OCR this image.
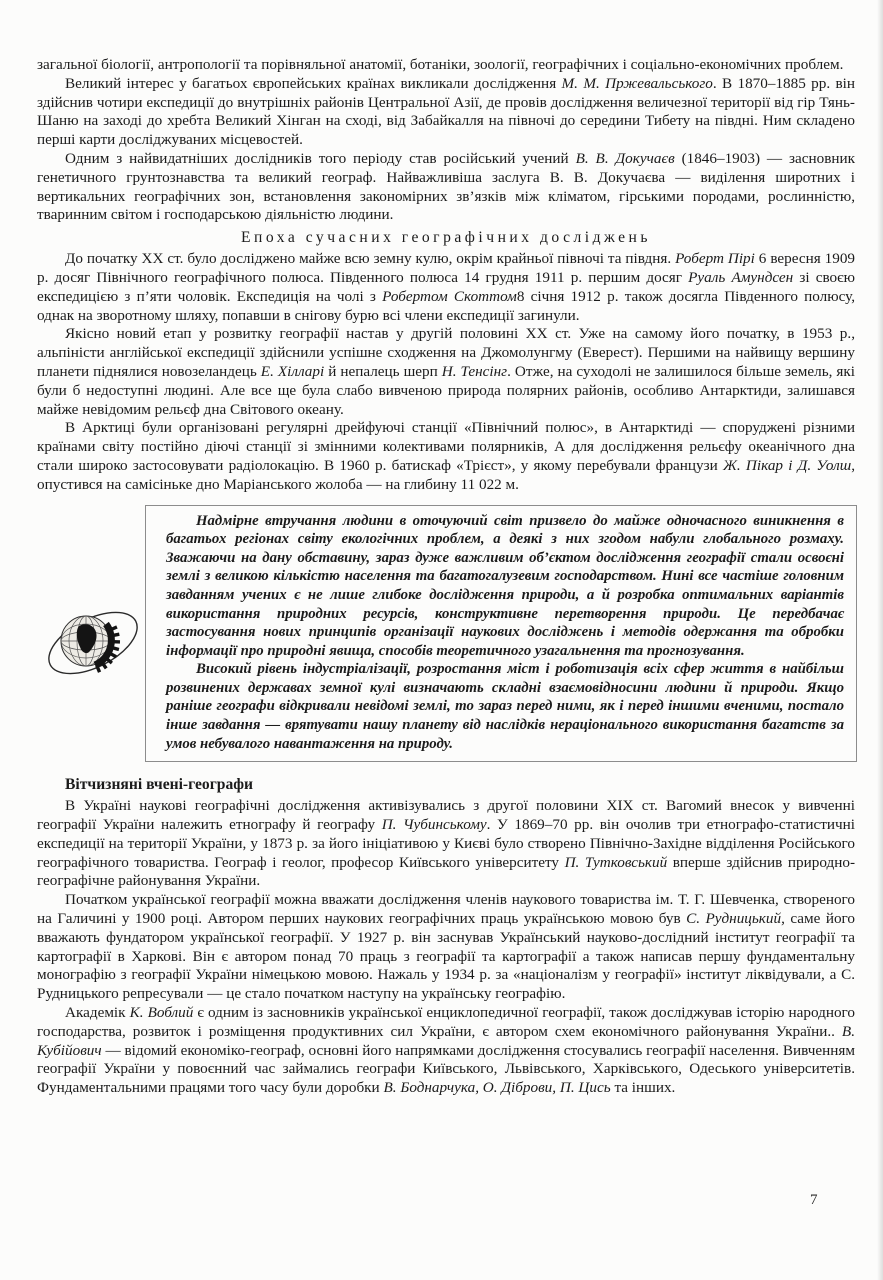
загальної біології, антропології та порівняльної анатомії, ботаніки, зоології, географічних і соціально-економічних проблем.

Великий інтерес у багатьох європейських країнах викликали дослідження М. М. Пржевальського. В 1870–1885 рр. він здійснив чотири експедиції до внутрішніх районів Центральної Азії, де провів дослідження величезної території від гір Тянь-Шаню на заході до хребта Великий Хінган на сході, від Забайкалля на півночі до середини Тибету на півдні. Ним складено перші карти досліджуваних місцевостей.

Одним з найвидатніших дослідників того періоду став російський учений В. В. Докучаєв (1846–1903) — засновник генетичного грунтознавства та великий географ. Найважливіша заслуга В. В. Докучаєва — виділення широтних і вертикальних географічних зон, встановлення закономірних зв’язків між кліматом, гірськими породами, рослинністю, тваринним світом і господарською діяльністю людини.

Епоха сучасних географічних досліджень

До початку XX ст. було досліджено майже всю земну кулю, окрім крайньої півночі та півдня. Роберт Пірі 6 вересня 1909 р. досяг Північного географічного полюса. Південного полюса 14 грудня 1911 р. першим досяг Руаль Амундсен зі своєю експедицією з п’яти чоловік. Експедиція на чолі з Робертом Скоттом8 січня 1912 р. також досягла Південного полюсу, однак на зворотному шляху, попавши в снігову бурю всі члени експедиції загинули.

Якісно новий етап у розвитку географії настав у другій половині XX ст. Уже на самому його початку, в 1953 р., альпіністи англійської експедиції здійснили успішне сходження на Джомолунгму (Еверест). Першими на найвищу вершину планети піднялися новозеландець Е. Хілларі й непалець шерп Н. Тенсінг. Отже, на суходолі не залишилося більше земель, які були б недоступні людині. Але все ще була слабо вивченою природа полярних районів, особливо Антарктиди, залишався майже невідомим рельєф дна Світового океану.

В Арктиці були організовані регулярні дрейфуючі станції «Північний полюс», в Антарктиді — споруджені різними країнами світу постійно діючі станції зі змінними колективами полярників, А для дослідження рельєфу океанічного дна стали широко застосовувати радіолокацію. В 1960 р. батискаф «Трієст», у якому перебували французи Ж. Пікар і Д. Уолш, опустився на самісіньке дно Маріанського жолоба — на глибину 11 022 м.

Надмірне втручання людини в оточуючий світ призвело до майже одночасного виникнення в багатьох регіонах світу екологічних проблем, а деякі з них згодом набули глобального розмаху. Зважаючи на дану обставину, зараз дуже важливим об’єктом дослідження географії стали освоєні землі з великою кількістю населення та багатогалузевим господарством. Нині все частіше головним завданням учених є не лише глибоке дослідження природи, а й розробка оптимальних варіантів використання природних ресурсів, конструктивне перетворення природи. Це передбачає застосування нових принципів організації наукових досліджень і методів одержання та обробки інформації про природні явища, способів теоретичного узагальнення та прогнозування.

Високий рівень індустріалізації, розростання міст і роботизація всіх сфер життя в найбільш розвинених державах земної кулі визначають складні взаємовідносини людини й природи. Якщо раніше географи відкривали невідомі землі, то зараз перед ними, як і перед іншими вченими, постало інше завдання — врятувати нашу планету від наслідків нераціонального використання багатств за умов небувалого навантаження на природу.

Вітчизняні вчені-географи

В Україні наукові географічні дослідження активізувались з другої половини XIX ст. Вагомий внесок у вивченні географії України належить етнографу й географу П. Чубинському. У 1869–70 рр. він очолив три етнографо-статистичні експедиції на території України, у 1873 р. за його ініціативою у Києві було створено Північно-Західне відділення Російського географічного товариства. Географ і геолог, професор Київського університету П. Тутковський вперше здійснив природно-географічне районування України.

Початком української географії можна вважати дослідження членів наукового товариства ім. Т. Г. Шевченка, створеного на Галичині у 1900 році. Автором перших наукових географічних праць українською мовою був С. Рудницький, саме його вважають фундатором української географії. У 1927 р. він заснував Український науково-дослідний інститут географії та картографії в Харкові. Він є автором понад 70 праць з географії та картографії а також написав першу фундаментальну монографію з географії України німецькою мовою. Нажаль у 1934 р. за «націоналізм у географії» інститут ліквідували, а С. Рудницького репресували — це стало початком наступу на українську географію.

Академік К. Воблий є одним із засновників української енциклопедичної географії, також досліджував історію народного господарства, розвиток і розміщення продуктивних сил України, є автором схем економічного районування України.. В. Кубійович — відомий економіко-географ, основні його напрямками дослідження стосувались географії населення. Вивченням географії України у повоєнний час займались географи Київського, Львівського, Харківського, Одеського університетів. Фундаментальними працями того часу були доробки В. Боднарчука, О. Діброви, П. Цись та інших.

7
